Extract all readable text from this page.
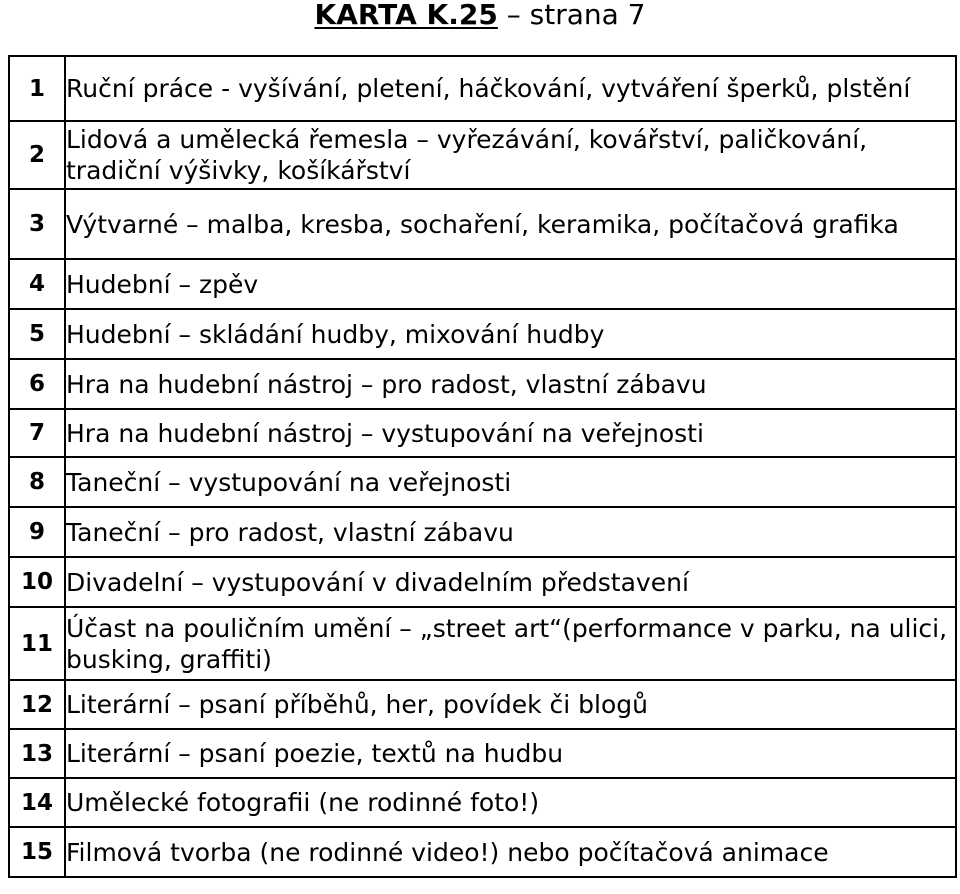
KARTA K.25 – strana 7
1	Ruční práce - vyšívání, pletení, háčkování, vytváření šperků, plstění

2	Lidová a umělecká řemesla – vyřezávání, kovářství, paličkování, tradiční výšivky, košíkářství

3	Výtvarné – malba, kresba, sochaření, keramika, počítačová grafika

4	Hudební – zpěv

5	Hudební – skládání hudby, mixování hudby

6	Hra na hudební nástroj – pro radost, vlastní zábavu

7	Hra na hudební nástroj – vystupování na veřejnosti

8	Taneční – vystupování na veřejnosti

9	Taneční – pro radost, vlastní zábavu

10	Divadelní – vystupování v divadelním představení

11	Účast na pouličním umění – „street art“(performance v parku, na ulici, busking, graffiti)

12	Literární – psaní příběhů, her, povídek či blogů

13	Literární – psaní poezie, textů na hudbu

14	Umělecké fotografii (ne rodinné foto!)

15	Filmová tvorba (ne rodinné video!) nebo počítačová animace
